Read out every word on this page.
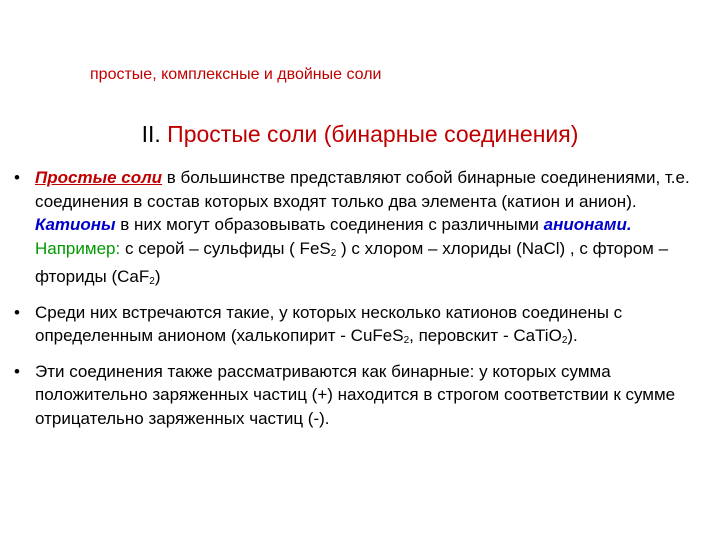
простые, комплексные и двойные соли
II. Простые соли (бинарные соединения)
• Простые соли в большинстве представляют собой бинарные соединениями, т.е. соединения в состав которых входят только два элемента (катион и анион). Катионы в них могут образовывать соединения с различными анионами. Например: с серой – сульфиды ( FeS$_2$ ) с хлором – хлориды (NaCl) , с фтором – фториды (CaF$_2$)
• Среди них встречаются такие, у которых несколько катионов соединены с определенным анионом (халькопирит - CuFeS$_2$, перовскит - CaTiO$_2$).
• Эти соединения также рассматриваются как бинарные: у которых сумма положительно заряженных частиц (+) находится в строгом соответствии к сумме отрицательно заряженных частиц (-).
